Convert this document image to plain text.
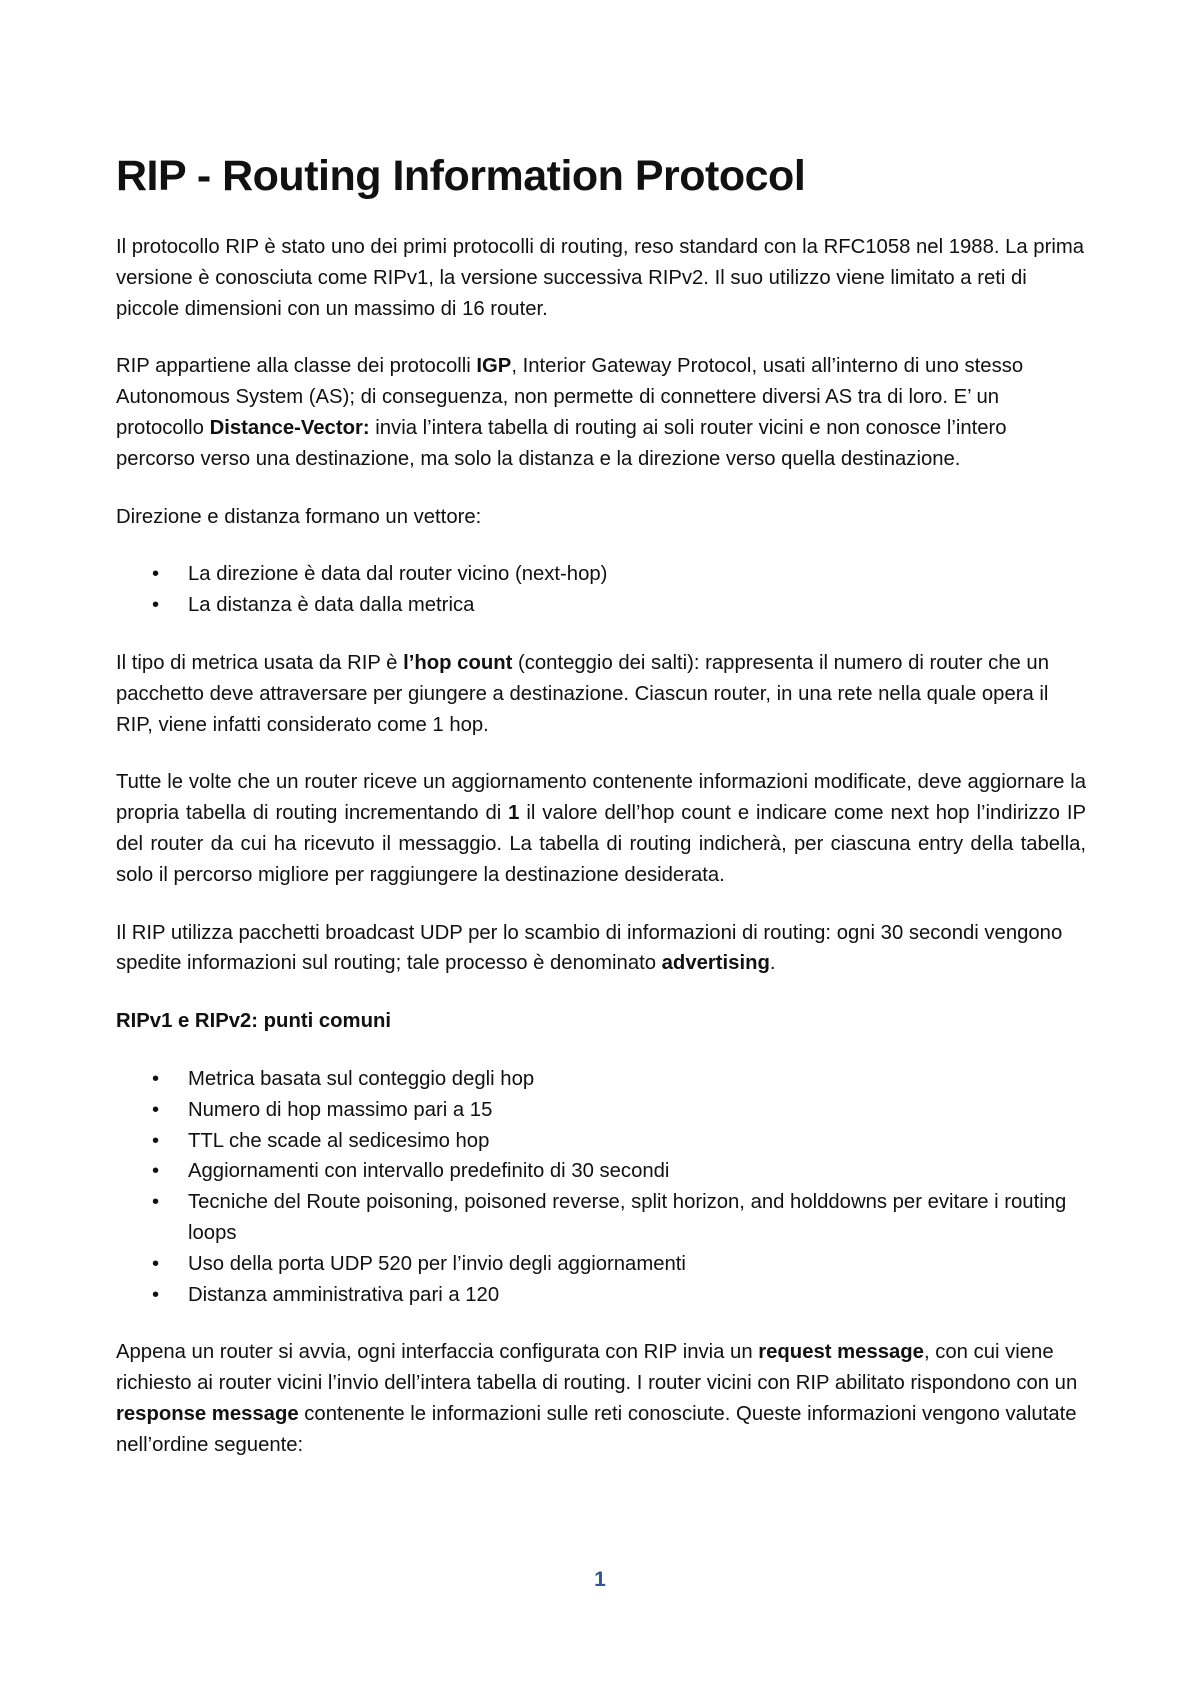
RIP - Routing Information Protocol

Il protocollo RIP è stato uno dei primi protocolli di routing, reso standard con la RFC1058 nel 1988. La prima versione è conosciuta come RIPv1, la versione successiva RIPv2. Il suo utilizzo viene limitato a reti di piccole dimensioni con un massimo di 16 router.

RIP appartiene alla classe dei protocolli IGP, Interior Gateway Protocol, usati all’interno di uno stesso Autonomous System (AS); di conseguenza, non permette di connettere diversi AS tra di loro. E’ un protocollo Distance-Vector: invia l’intera tabella di routing ai soli router vicini e non conosce l’intero percorso verso una destinazione, ma solo la distanza e la direzione verso quella destinazione.

Direzione e distanza formano un vettore:

• La direzione è data dal router vicino (next-hop)
• La distanza è data dalla metrica

Il tipo di metrica usata da RIP è l’hop count (conteggio dei salti): rappresenta il numero di router che un pacchetto deve attraversare per giungere a destinazione. Ciascun router, in una rete nella quale opera il RIP, viene infatti considerato come 1 hop.

Tutte le volte che un router riceve un aggiornamento contenente informazioni modificate, deve aggiornare la propria tabella di routing incrementando di 1 il valore dell’hop count e indicare come next hop l’indirizzo IP del router da cui ha ricevuto il messaggio. La tabella di routing indicherà, per ciascuna entry della tabella, solo il percorso migliore per raggiungere la destinazione desiderata.

Il RIP utilizza pacchetti broadcast UDP per lo scambio di informazioni di routing: ogni 30 secondi vengono spedite informazioni sul routing; tale processo è denominato advertising.

RIPv1 e RIPv2: punti comuni

• Metrica basata sul conteggio degli hop
• Numero di hop massimo pari a 15
• TTL che scade al sedicesimo hop
• Aggiornamenti con intervallo predefinito di 30 secondi
• Tecniche del Route poisoning, poisoned reverse, split horizon, and holddowns per evitare i routing loops
• Uso della porta UDP 520 per l’invio degli aggiornamenti
• Distanza amministrativa pari a 120

Appena un router si avvia, ogni interfaccia configurata con RIP invia un request message, con cui viene richiesto ai router vicini l’invio dell’intera tabella di routing. I router vicini con RIP abilitato rispondono con un response message contenente le informazioni sulle reti conosciute. Queste informazioni vengono valutate nell’ordine seguente:

1
